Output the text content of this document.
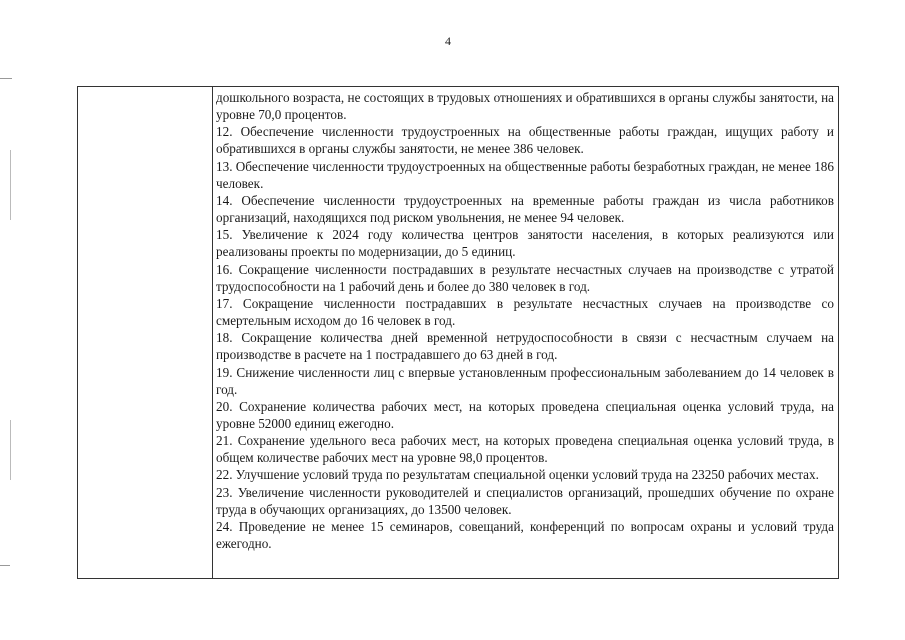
4

дошкольного возраста, не состоящих в трудовых отношениях и обратившихся в органы службы занятости, на уровне 70,0 процентов.

12. Обеспечение численности трудоустроенных на общественные работы граждан, ищущих работу и обратившихся в органы службы занятости, не менее 386 человек.

13. Обеспечение численности трудоустроенных на общественные работы безработных граждан, не менее 186 человек.

14. Обеспечение численности трудоустроенных на временные работы граждан из числа работников организаций, находящихся под риском увольнения, не менее 94 человек.

15. Увеличение к 2024 году количества центров занятости населения, в которых реализуются или реализованы проекты по модернизации, до 5 единиц.

16. Сокращение численности пострадавших в результате несчастных случаев на производстве с утратой трудоспособности на 1 рабочий день и более до 380 человек в год.

17. Сокращение численности пострадавших в результате несчастных случаев на производстве со смертельным исходом до 16 человек в год.

18. Сокращение количества дней временной нетрудоспособности в связи с несчастным случаем на производстве в расчете на 1 пострадавшего до 63 дней в год.

19. Снижение численности лиц с впервые установленным профессиональным заболеванием до 14 человек в год.

20. Сохранение количества рабочих мест, на которых проведена специальная оценка условий труда, на уровне 52000 единиц ежегодно.

21. Сохранение удельного веса рабочих мест, на которых проведена специальная оценка условий труда, в общем количестве рабочих мест на уровне 98,0 процентов.

22. Улучшение условий труда по результатам специальной оценки условий труда на 23250 рабочих местах.

23. Увеличение численности руководителей и специалистов организаций, прошедших обучение по охране труда в обучающих организациях, до 13500 человек.

24. Проведение не менее 15 семинаров, совещаний, конференций по вопросам охраны и условий труда ежегодно.
